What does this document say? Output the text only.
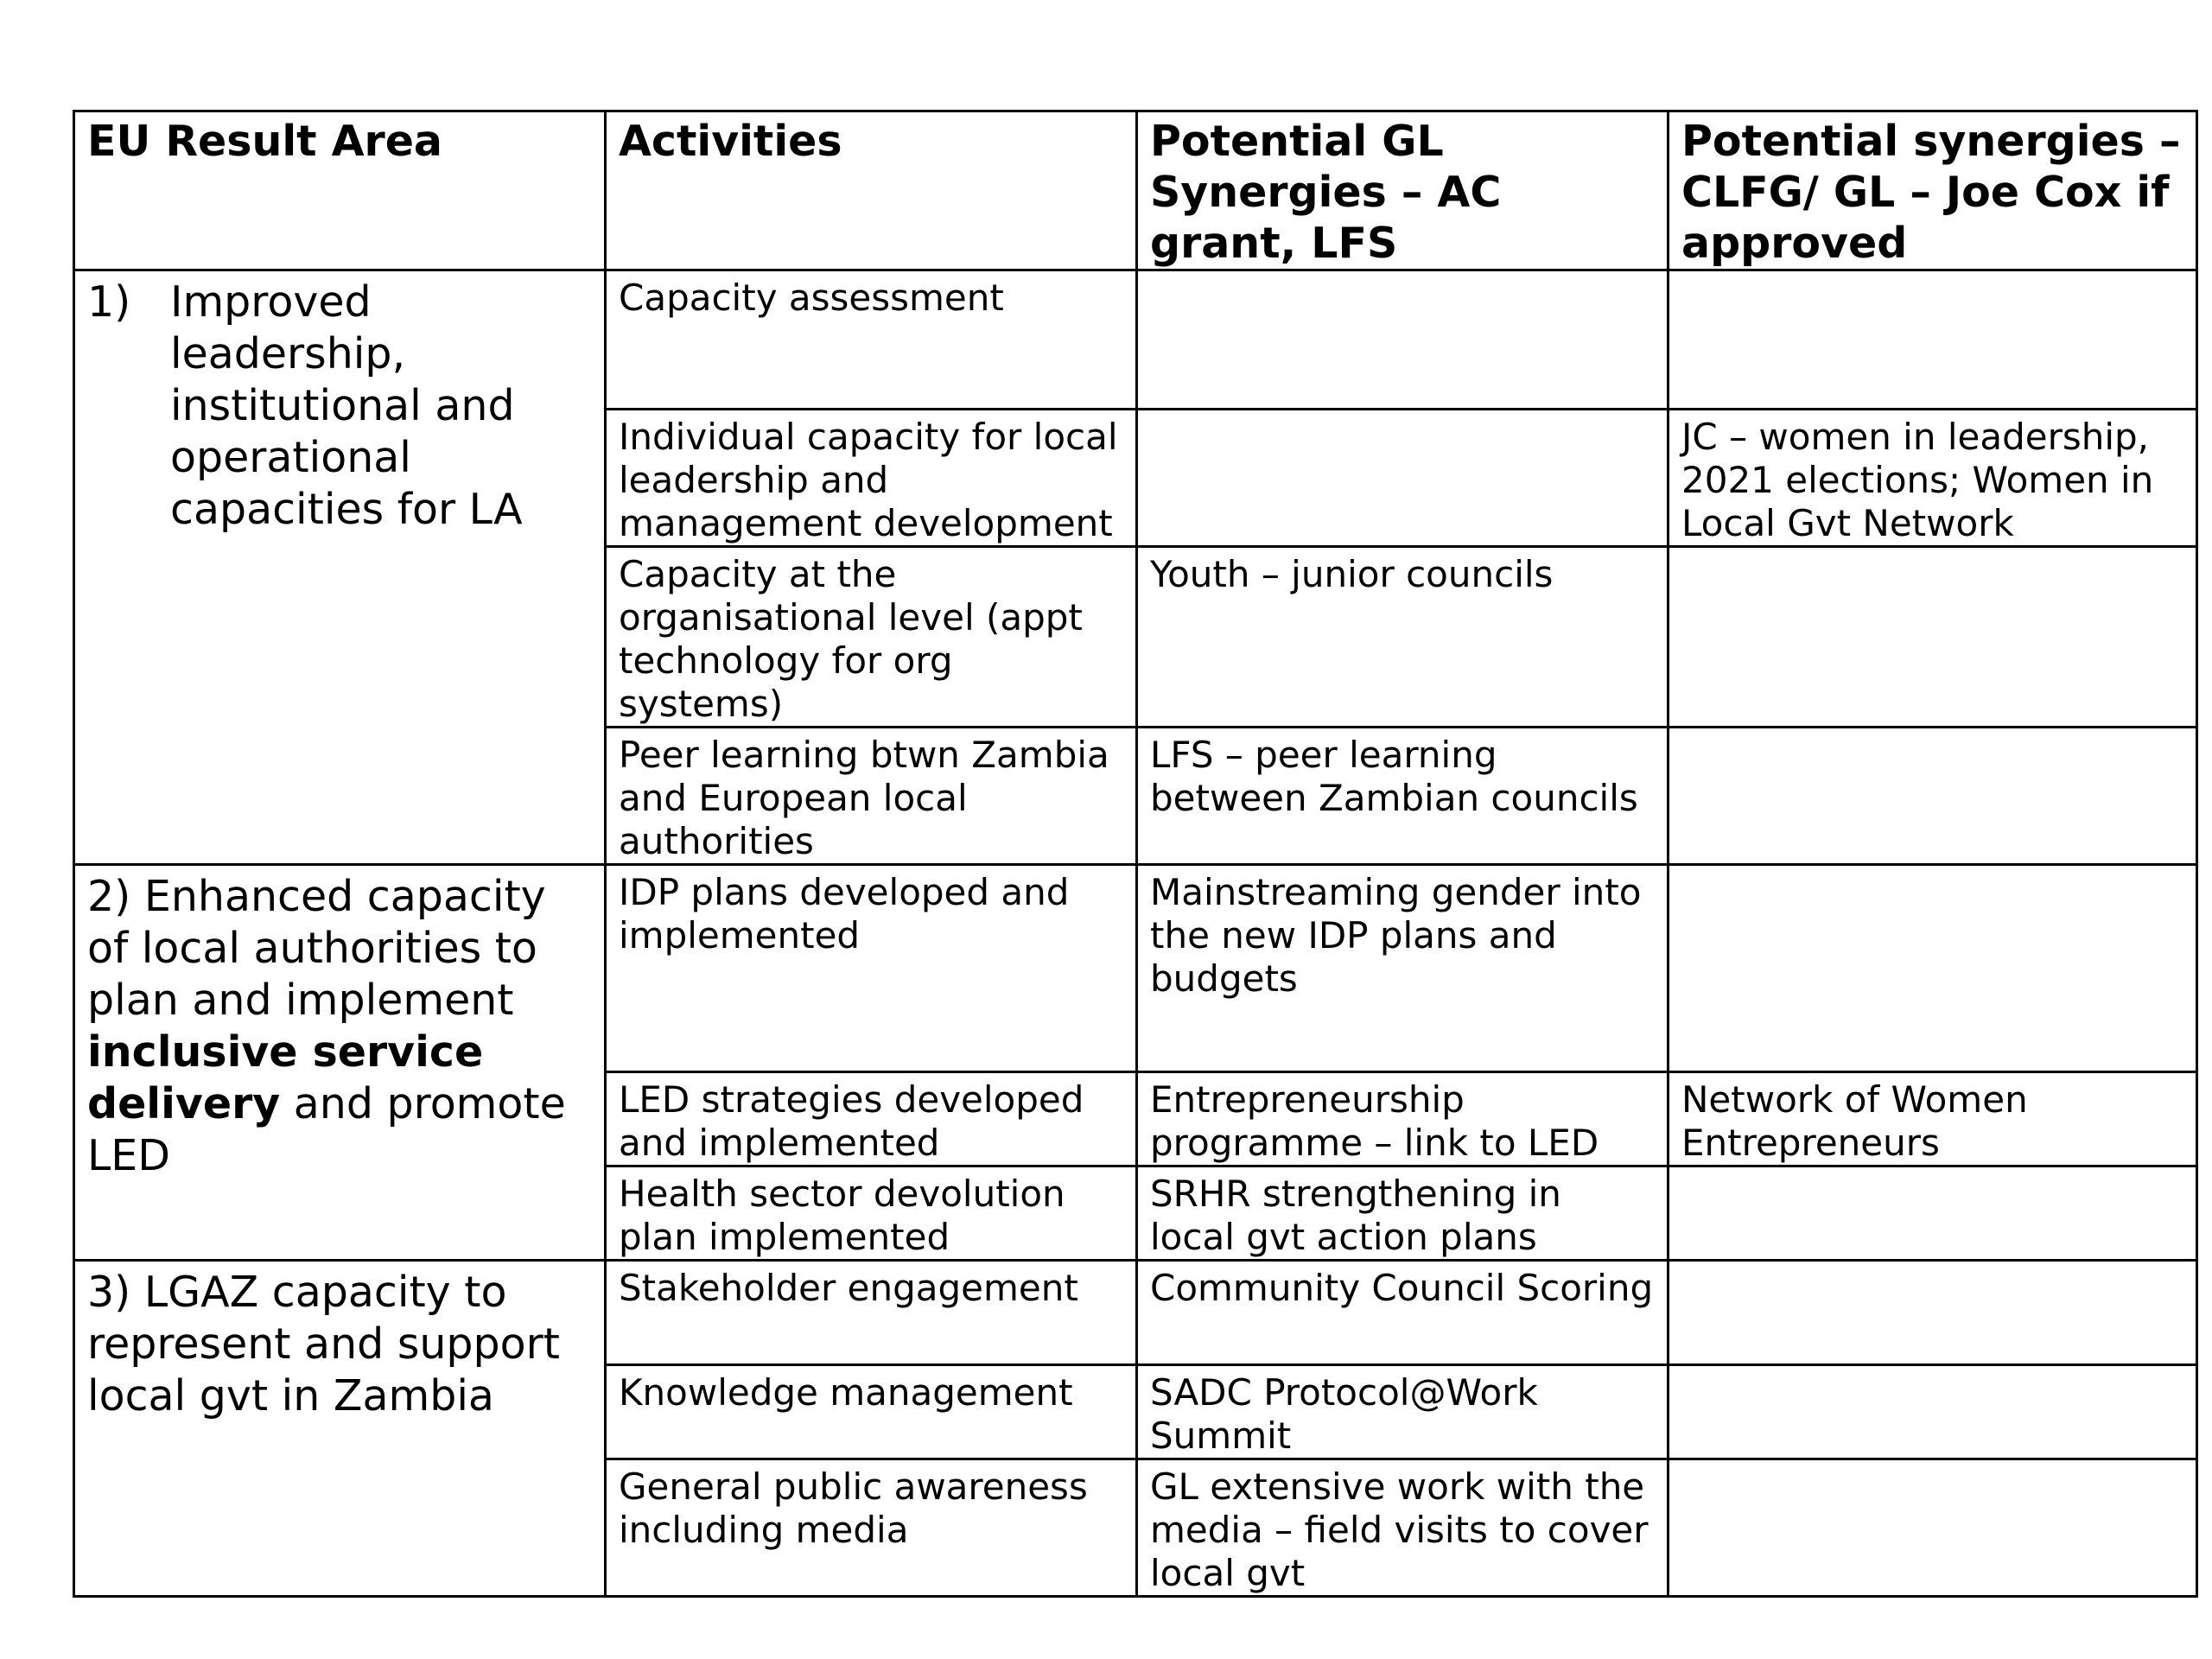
EU Result Area	Activities	Potential GL Synergies – AC grant, LFS	Potential synergies – CLFG/ GL – Joe Cox if approved

1) Improved leadership, institutional and operational capacities for LA	Capacity assessment		
	Individual capacity for local leadership and management development		JC – women in leadership, 2021 elections; Women in Local Gvt Network
	Capacity at the organisational level (appt technology for org systems)	Youth – junior councils	
	Peer learning btwn Zambia and European local authorities	LFS – peer learning between Zambian councils	
2) Enhanced capacity of local authorities to plan and implement inclusive service delivery and promote LED	IDP plans developed and implemented	Mainstreaming gender into the new IDP plans and budgets	
	LED strategies developed and implemented	Entrepreneurship programme – link to LED	Network of Women Entrepreneurs
	Health sector devolution plan implemented	SRHR strengthening in local gvt action plans	
3) LGAZ capacity to represent and support local gvt in Zambia	Stakeholder engagement	Community Council Scoring	
	Knowledge management	SADC Protocol@Work Summit	
	General public awareness including media	GL extensive work with the media – field visits to cover local gvt	
